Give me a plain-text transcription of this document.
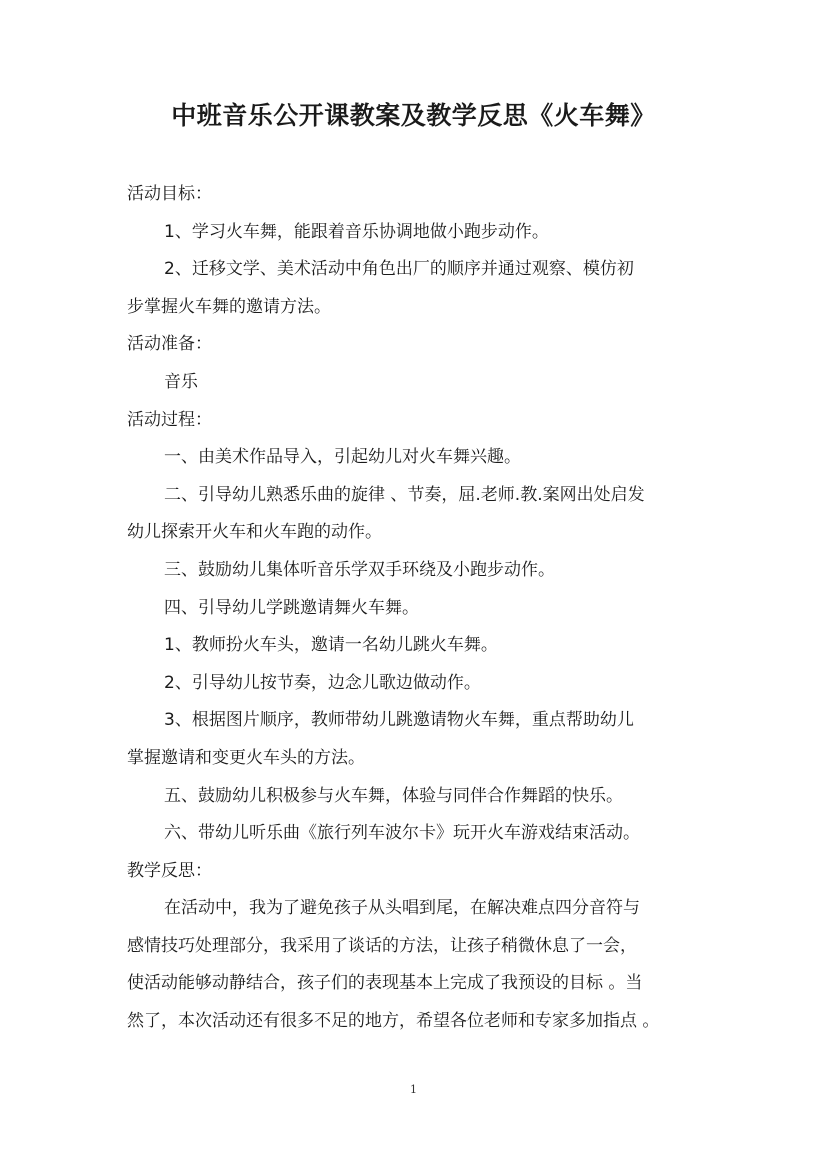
中班音乐公开课教案及教学反思《火车舞》
活动目标：
1、学习火车舞，能跟着音乐协调地做小跑步动作。
2、迁移文学、美术活动中角色出厂的顺序并通过观察、模仿初
步掌握火车舞的邀请方法。
活动准备：
音乐
活动过程：
一、由美术作品导入，引起幼儿对火车舞兴趣。
二、引导幼儿熟悉乐曲的旋律 、节奏，屈.老师.教.案网出处启发
幼儿探索开火车和火车跑的动作。
三、鼓励幼儿集体听音乐学双手环绕及小跑步动作。
四、引导幼儿学跳邀请舞火车舞。
1、教师扮火车头，邀请一名幼儿跳火车舞。
2、引导幼儿按节奏，边念儿歌边做动作。
3、根据图片顺序，教师带幼儿跳邀请物火车舞，重点帮助幼儿
掌握邀请和变更火车头的方法。
五、鼓励幼儿积极参与火车舞，体验与同伴合作舞蹈的快乐。
六、带幼儿听乐曲《旅行列车波尔卡》玩开火车游戏结束活动。
教学反思：
在活动中，我为了避免孩子从头唱到尾，在解决难点四分音符与
感情技巧处理部分，我采用了谈话的方法，让孩子稍微休息了一会，
使活动能够动静结合，孩子们的表现基本上完成了我预设的目标 。当
然了，本次活动还有很多不足的地方，希望各位老师和专家多加指点 。
1
